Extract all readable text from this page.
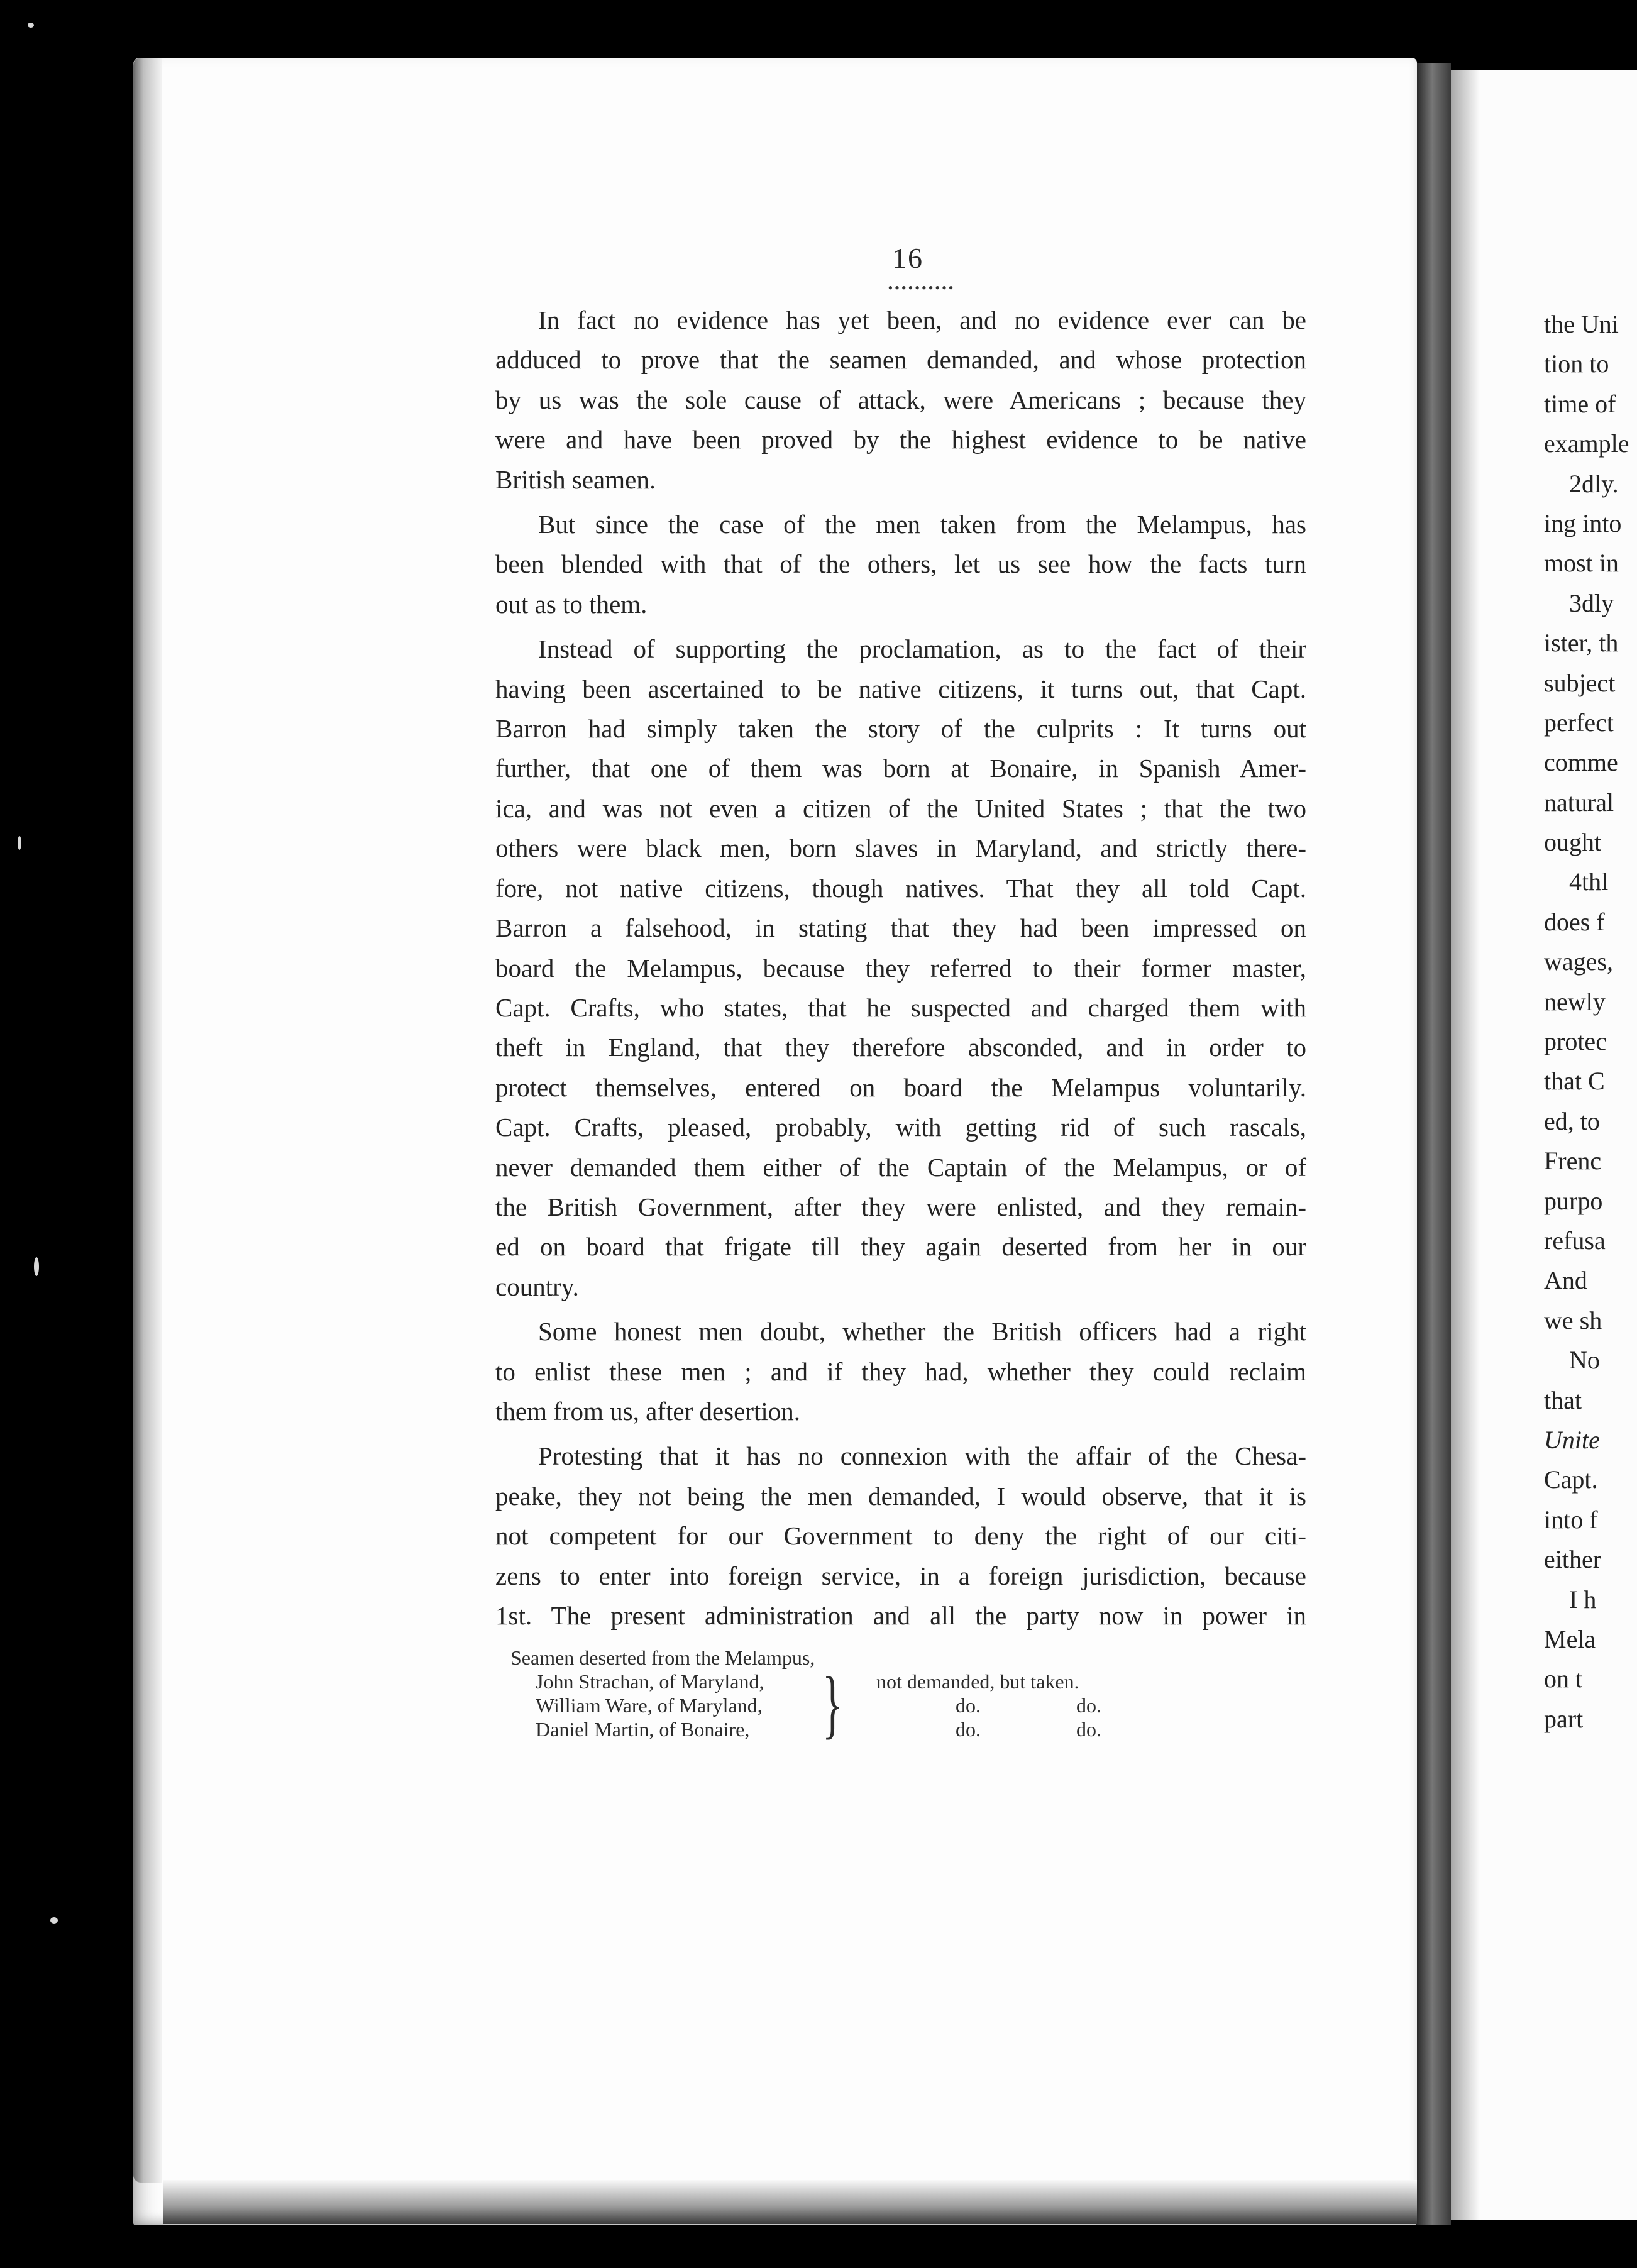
16
••••••••••

In fact no evidence has yet been, and no evidence ever can be
adduced to prove that the seamen demanded, and whose protection
by us was the sole cause of attack, were Americans ; because they
were and have been proved by the highest evidence to be native
British seamen.

But since the case of the men taken from the Melampus, has
been blended with that of the others, let us see how the facts turn
out as to them.

Instead of supporting the proclamation, as to the fact of their
having been ascertained to be native citizens, it turns out, that Capt.
Barron had simply taken the story of the culprits : It turns out
further, that one of them was born at Bonaire, in Spanish Amer-
ica, and was not even a citizen of the United States ; that the two
others were black men, born slaves in Maryland, and strictly there-
fore, not native citizens, though natives. That they all told Capt.
Barron a falsehood, in stating that they had been impressed on
board the Melampus, because they referred to their former master,
Capt. Crafts, who states, that he suspected and charged them with
theft in England, that they therefore absconded, and in order to
protect themselves, entered on board the Melampus voluntarily.
Capt. Crafts, pleased, probably, with getting rid of such rascals,
never demanded them either of the Captain of the Melampus, or of
the British Government, after they were enlisted, and they remain-
ed on board that frigate till they again deserted from her in our
country.

Some honest men doubt, whether the British officers had a right
to enlist these men ; and if they had, whether they could reclaim
them from us, after desertion.

Protesting that it has no connexion with the affair of the Chesa-
peake, they not being the men demanded, I would observe, that it is
not competent for our Government to deny the right of our citi-
zens to enter into foreign service, in a foreign jurisdiction, because
1st. The present administration and all the party now in power in

Seamen deserted from the Melampus,
John Strachan, of Maryland,	not demanded, but taken.
William Ware, of Maryland,	do.	do.
Daniel Martin, of Bonaire,	do.	do.
}
the Uni
tion to
time of
example
2dly.
ing into
most in
3dly
ister, th
subject
perfect
comme
natural
ought
4thl
does f
wages,
newly
protec
that C
ed, to
Frenc
purpo
refusa
And
we sh
No
that
Unite
Capt.
into f
either
I h
Mela
on t
part
